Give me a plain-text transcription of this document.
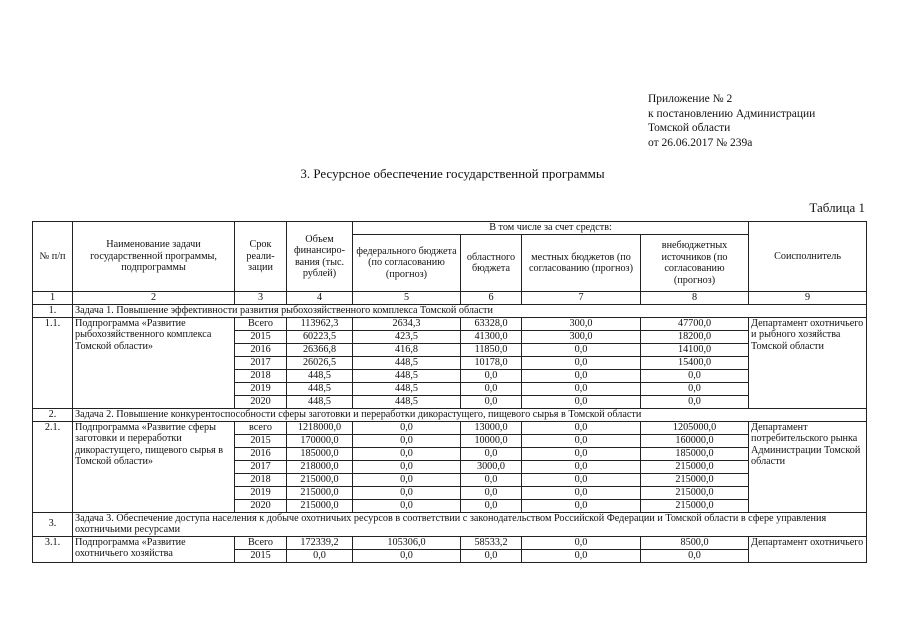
Приложение № 2
к постановлению Администрации
Томской области
от 26.06.2017 № 239а
3. Ресурсное обеспечение государственной программы
Таблица 1
№ п/п	Наименование задачи государственной программы, подпрограммы	Срок реали-зации	Объем финансиро-вания (тыс. рублей)	В том числе за счет средств:				Соисполнитель
				федерального бюджета (по согласованию (прогноз)	областного бюджета	местных бюджетов (по согласованию (прогноз)	внебюджетных источников (по согласованию (прогноз)	
1	2	3	4	5	6	7	8	9
1.	Задача 1. Повышение эффективности развития рыбохозяйственного комплекса Томской области							
1.1.	Подпрограмма «Развитие рыбохозяйственного комплекса Томской области»	Всего	113962,3	2634,3	63328,0	300,0	47700,0	Департамент охотничьего и рыбного хозяйства Томской области
		2015	60223,5	423,5	41300,0	300,0	18200,0	
		2016	26366,8	416,8	11850,0	0,0	14100,0	
		2017	26026,5	448,5	10178,0	0,0	15400,0	
		2018	448,5	448,5	0,0	0,0	0,0	
		2019	448,5	448,5	0,0	0,0	0,0	
		2020	448,5	448,5	0,0	0,0	0,0	
2.	Задача 2. Повышение конкурентоспособности сферы заготовки и переработки дикорастущего, пищевого сырья в Томской области							
2.1.	Подпрограмма «Развитие сферы заготовки и переработки дикорастущего, пищевого сырья в Томской области»	всего	1218000,0	0,0	13000,0	0,0	1205000,0	Департамент потребительского рынка Администрации Томской области
		2015	170000,0	0,0	10000,0	0,0	160000,0	
		2016	185000,0	0,0	0,0	0,0	185000,0	
		2017	218000,0	0,0	3000,0	0,0	215000,0	
		2018	215000,0	0,0	0,0	0,0	215000,0	
		2019	215000,0	0,0	0,0	0,0	215000,0	
		2020	215000,0	0,0	0,0	0,0	215000,0	
3.	Задача 3. Обеспечение доступа населения к добыче охотничьих ресурсов в соответствии с законодательством Российской Федерации и Томской области в сфере управления охотничьими ресурсами							
3.1.	Подпрограмма «Развитие охотничьего хозяйства	Всего	172339,2	105306,0	58533,2	0,0	8500,0	Департамент охотничьего
		2015	0,0	0,0	0,0	0,0	0,0	
